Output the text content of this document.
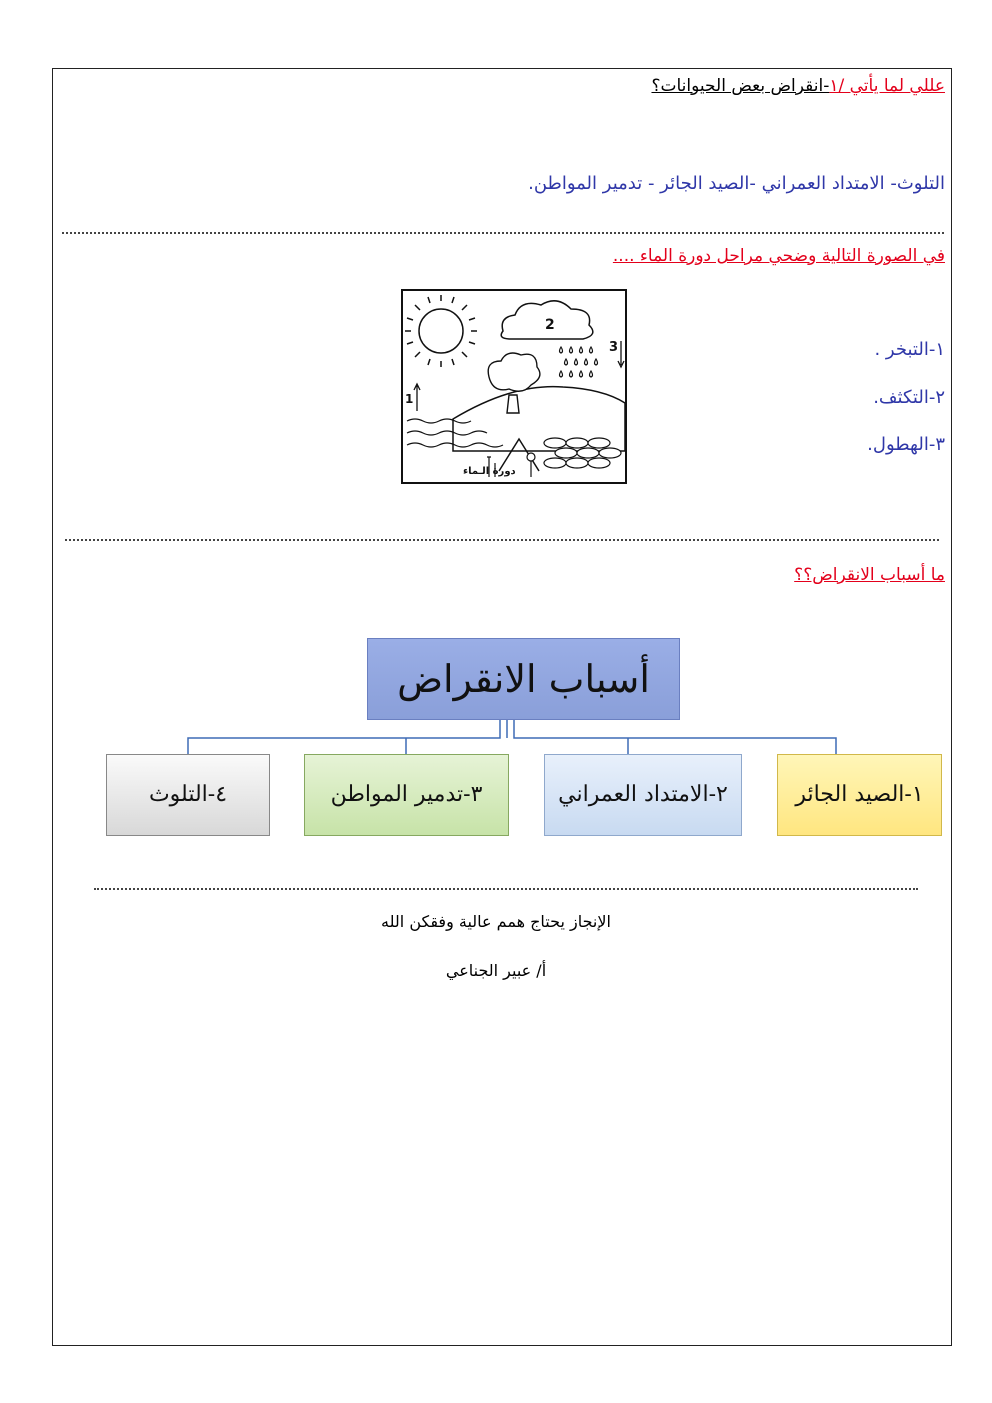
عللي لما يأتي /١-انقراض بعض الحيوانات؟
التلوث- الامتداد العمراني -الصيد الجائر - تدمير المواطن.
في الصورة التالية وضحي مراحل دورة الماء ....
2
3
1
دورة الـماء
١-التبخر .
٢-التكثف.
٣-الهطول.
ما أسباب الانقراض؟؟
أسباب الانقراض
١-الصيد الجائر
٢-الامتداد العمراني
٣-تدمير المواطن
٤-التلوث
الإنجاز يحتاج همم عالية وفقكن الله
أ/ عبير الجناعي
